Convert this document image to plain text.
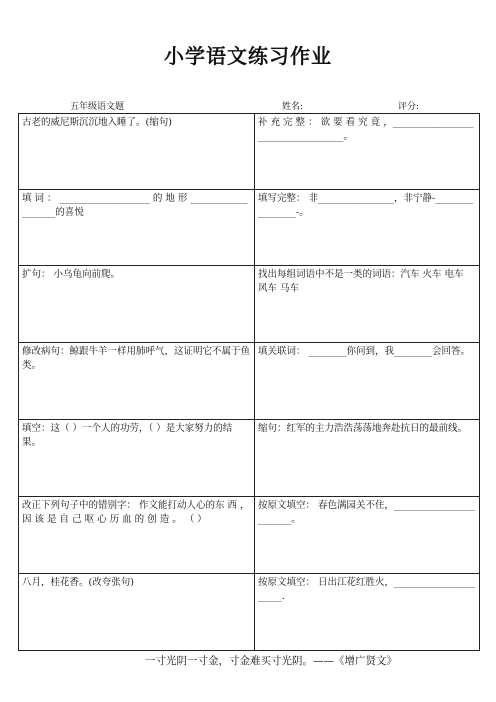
小学语文练习作业
五年级语文题	姓名:	评分:
古老的威尼斯沉沉地入睡了。(缩句)	补 充 完 整 ： 欲 要 看 究 竟 ，___________________________________。
填 词 ： ___________________ 的 地 形 ___________________的喜悦	填写完整： 非________________，非宁静-________________-。
扩句： 小乌龟向前爬。	找出每组词语中不是一类的词语：汽车 火车 电车 风车 马车
修改病句：鲸跟牛羊一样用肺呼气，这证明它不属于鱼类。	填关联词： ________你问到，我________会回答。
填空：这（ ）一个人的功劳，（ ）是大家努力的结果。	缩句：红军的主力浩浩荡荡地奔赴抗日的最前线。
改正下列句子中的错别字： 作文能打动人心的东 西 ， 因 该 是 自 己 呕 心 历 血 的 创 造 。 （ ）	按原文填空： 春色满园关不住，________________________。
八月，桂花香。(改夸张句)	按原文填空： 日出江花红胜火，______________________.
一寸光阴一寸金，寸金难买寸光阴。——《增广贤文》
